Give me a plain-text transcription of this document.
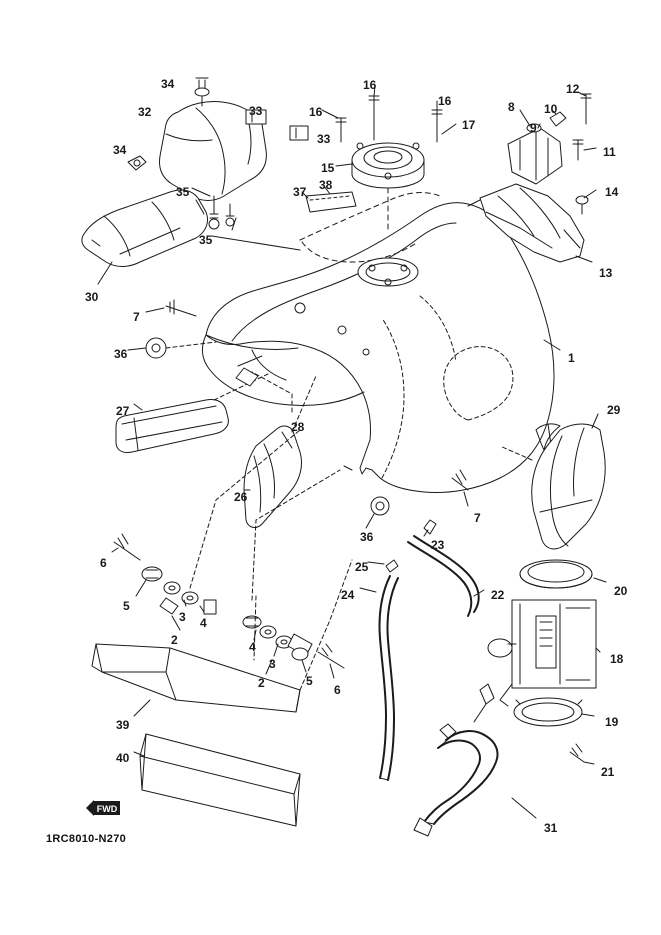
FWD
1RC8010-N270
34
32	33
33
34
35
35
30
16
16
16
17
15
37 38
12
8 10
9
11
14
13
1
7
36
27
28
26
36
7
23
25
22
24
29
20
18
19
21
31
6
5
3 4
2	4
3
2	5
6
39
40
